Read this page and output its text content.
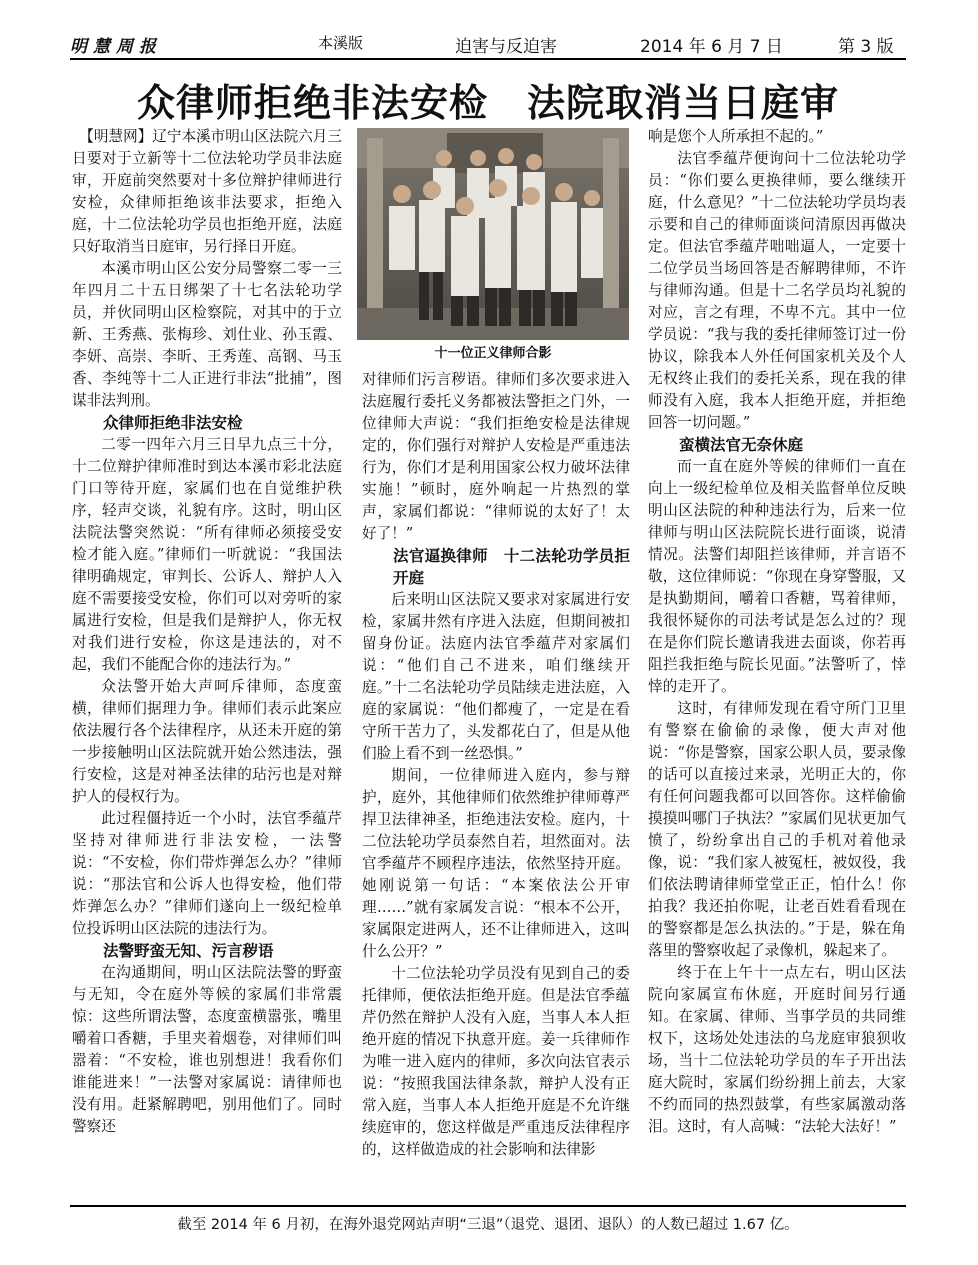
明慧周报	本溪版	迫害与反迫害	2014 年 6 月 7 日	第 3 版
众律师拒绝非法安检　法院取消当日庭审

　【明慧网】辽宁本溪市明山区法院六月三日要对于立新等十二位法轮功学员非法庭审，开庭前突然要对十多位辩护律师进行安检，众律师拒绝该非法要求，拒绝入庭，十二位法轮功学员也拒绝开庭，法庭只好取消当日庭审，另行择日开庭。

本溪市明山区公安分局警察二零一三年四月二十五日绑架了十七名法轮功学员，并伙同明山区检察院，对其中的于立新、王秀燕、张梅珍、刘仕业、孙玉霞、李妍、高崇、李昕、王秀莲、高钢、马玉香、李纯等十二人正进行非法“批捕”，图谋非法判刑。

众律师拒绝非法安检

二零一四年六月三日早九点三十分，十二位辩护律师准时到达本溪市彩北法庭门口等待开庭，家属们也在自觉维护秩序，轻声交谈，礼貌有序。这时，明山区法院法警突然说：“所有律师必须接受安检才能入庭。”律师们一听就说：“我国法律明确规定，审判长、公诉人、辩护人入庭不需要接受安检，你们可以对旁听的家属进行安检，但是我们是辩护人，你无权对我们进行安检，你这是违法的，对不起，我们不能配合你的违法行为。”

众法警开始大声呵斥律师，态度蛮横，律师们据理力争。律师们表示此案应依法履行各个法律程序，从还未开庭的第一步接触明山区法院就开始公然违法，强行安检，这是对神圣法律的玷污也是对辩护人的侵权行为。

此过程僵持近一个小时，法官季蕴芹坚持对律师进行非法安检，一法警说：“不安检，你们带炸弹怎么办？”律师说：“那法官和公诉人也得安检，他们带炸弹怎么办？”律师们遂向上一级纪检单位投诉明山区法院的违法行为。

法警野蛮无知、污言秽语

在沟通期间，明山区法院法警的野蛮与无知，令在庭外等候的家属们非常震惊：这些所谓法警，态度蛮横嚣张，嘴里嚼着口香糖，手里夹着烟卷，对律师们叫嚣着：“不安检，谁也别想进！我看你们谁能进来！”一法警对家属说：请律师也没有用。赶紧解聘吧，别用他们了。同时警察还

十一位正义律师合影

对律师们污言秽语。律师们多次要求进入法庭履行委托义务都被法警拒之门外，一位律师大声说：“我们拒绝安检是法律规定的，你们强行对辩护人安检是严重违法行为，你们才是利用国家公权力破坏法律实施！”顿时，庭外响起一片热烈的掌声，家属们都说：“律师说的太好了！太好了！”

法官逼换律师　十二法轮功学员拒开庭

后来明山区法院又要求对家属进行安检，家属井然有序进入法庭，但期间被扣留身份证。法庭内法官季蕴芹对家属们说：“他们自己不进来，咱们继续开庭。”十二名法轮功学员陆续走进法庭，入庭的家属说：“他们都瘦了，一定是在看守所干苦力了，头发都花白了，但是从他们脸上看不到一丝恐惧。”

期间，一位律师进入庭内，参与辩护，庭外，其他律师们依然维护律师尊严捍卫法律神圣，拒绝违法安检。庭内，十二位法轮功学员泰然自若，坦然面对。法官季蕴芹不顾程序违法，依然坚持开庭。她刚说第一句话：“本案依法公开审理……”就有家属发言说：“根本不公开，家属限定进两人，还不让律师进入，这叫什么公开？”

十二位法轮功学员没有见到自己的委托律师，便依法拒绝开庭。但是法官季蕴芹仍然在辩护人没有入庭，当事人本人拒绝开庭的情况下执意开庭。姜一兵律师作为唯一进入庭内的律师，多次向法官表示说：“按照我国法律条款，辩护人没有正常入庭，当事人本人拒绝开庭是不允许继续庭审的，您这样做是严重违反法律程序的，这样做造成的社会影响和法律影

响是您个人所承担不起的。”

法官季蕴芹便询问十二位法轮功学员：“你们要么更换律师，要么继续开庭，什么意见？”十二位法轮功学员均表示要和自己的律师面谈问清原因再做决定。但法官季蕴芹咄咄逼人，一定要十二位学员当场回答是否解聘律师，不许与律师沟通。但是十二名学员均礼貌的对应，言之有理，不卑不亢。其中一位学员说：“我与我的委托律师签订过一份协议，除我本人外任何国家机关及个人无权终止我们的委托关系，现在我的律师没有入庭，我本人拒绝开庭，并拒绝回答一切问题。”

蛮横法官无奈休庭

而一直在庭外等候的律师们一直在向上一级纪检单位及相关监督单位反映明山区法院的种种违法行为，后来一位律师与明山区法院院长进行面谈，说清情况。法警们却阻拦该律师，并言语不敬，这位律师说：“你现在身穿警服，又是执勤期间，嚼着口香糖，骂着律师，我很怀疑你的司法考试是怎么过的？现在是你们院长邀请我进去面谈，你若再阻拦我拒绝与院长见面。”法警听了，悻悻的走开了。

这时，有律师发现在看守所门卫里有警察在偷偷的录像，便大声对他说：“你是警察，国家公职人员，要录像的话可以直接过来录，光明正大的，你有任何问题我都可以回答你。这样偷偷摸摸叫哪门子执法？”家属们见状更加气愤了，纷纷拿出自己的手机对着他录像，说：“我们家人被冤枉，被奴役，我们依法聘请律师堂堂正正，怕什么！你拍我？我还拍你呢，让老百姓看看现在的警察都是怎么执法的。”于是，躲在角落里的警察收起了录像机，躲起来了。

终于在上午十一点左右，明山区法院向家属宣布休庭，开庭时间另行通知。在家属、律师、当事学员的共同维权下，这场处处违法的乌龙庭审狼狈收场，当十二位法轮功学员的车子开出法庭大院时，家属们纷纷拥上前去，大家不约而同的热烈鼓掌，有些家属激动落泪。这时，有人高喊：“法轮大法好！”

截至 2014 年 6 月初，在海外退党网站声明“三退”（退党、退团、退队）的人数已超过 1.67 亿。
